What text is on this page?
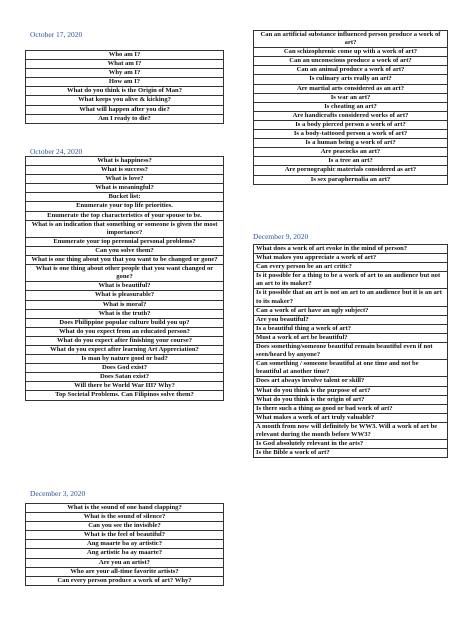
October 17, 2020
Who am I?
What am I?
Why am I?
How am I?
What do you think is the Origin of Man?
What keeps you alive & kicking?
What will happen after you die?
Am I ready to die?
October 24, 2020
What is happiness?
What is success?
What is love?
What is meaningful?
Bucket list:
Enumerate your top life priorities.
Enumerate the top characteristics of your spouse to be.
What is an indication that something or someone is given the most importance?
Enumerate your top perennial personal problems?
Can you solve them?
What is one thing about you that you want to be changed or gone?
What is one thing about other people that you want changed or gone?
What is beautiful?
What is pleasurable?
What is moral?
What is the truth?
Does Philippine popular culture build you up?
What do you expect from an educated person?
What do you expect after finishing your course?
What do you expect after learning Art Appreciation?
Is man by nature good or bad?
Does God exist?
Does Satan exist?
Will there be World War III? Why?
Top Societal Problems. Can Filipinos solve them?
December 3, 2020
What is the sound of one hand clapping?
What is the sound of silence?
Can you see the invisible?
What is the feel of beautiful?
Ang maarte ba ay artistic?
Ang artistic ba ay maarte?
Are you an artist?
Who are your all-time favorite artists?
Can every person produce a work of art? Why?
Can an artificial substance influenced person produce a work of art?
Can schizophrenic come up with a work of art?
Can an unconscious produce a work of art?
Can an animal produce a work of art?
Is culinary arts really an art?
Are martial arts considered as an art?
Is war an art?
Is cheating an art?
Are handicrafts considered works of art?
Is a body pierced person a work of art?
Is a body-tattooed person a work of art?
Is a human being a work of art?
Are peacocks an art?
Is a tree an art?
Are pornographic materials considered as art?
Is sex paraphernalia an art?
December 9, 2020
What does a work of art evoke in the mind of person?
What makes you appreciate a work of art?
Can every person be an art critic?
Is it possible for a thing to be a work of art to an audience but not an art to its maker?
Is it possible that an art is not an art to an audience but it is an art to its maker?
Can a work of art have an ugly subject?
Are you beautiful?
Is a beautiful thing a work of art?
Must a work of art be beautiful?
Does something/someone beautiful remain beautiful even if not seen/heard by anyone?
Can something / someone beautiful at one time and not be beautiful at another time?
Does art always involve talent or skill?
What do you think is the purpose of art?
What do you think is the origin of art?
Is there such a thing as good or bad work of art?
What makes a work of art truly valuable?
A month from now will definitely be WW3. Will a work of art be relevant during the month before WW3?
Is God absolutely relevant in the arts?
Is the Bible a work of art?
